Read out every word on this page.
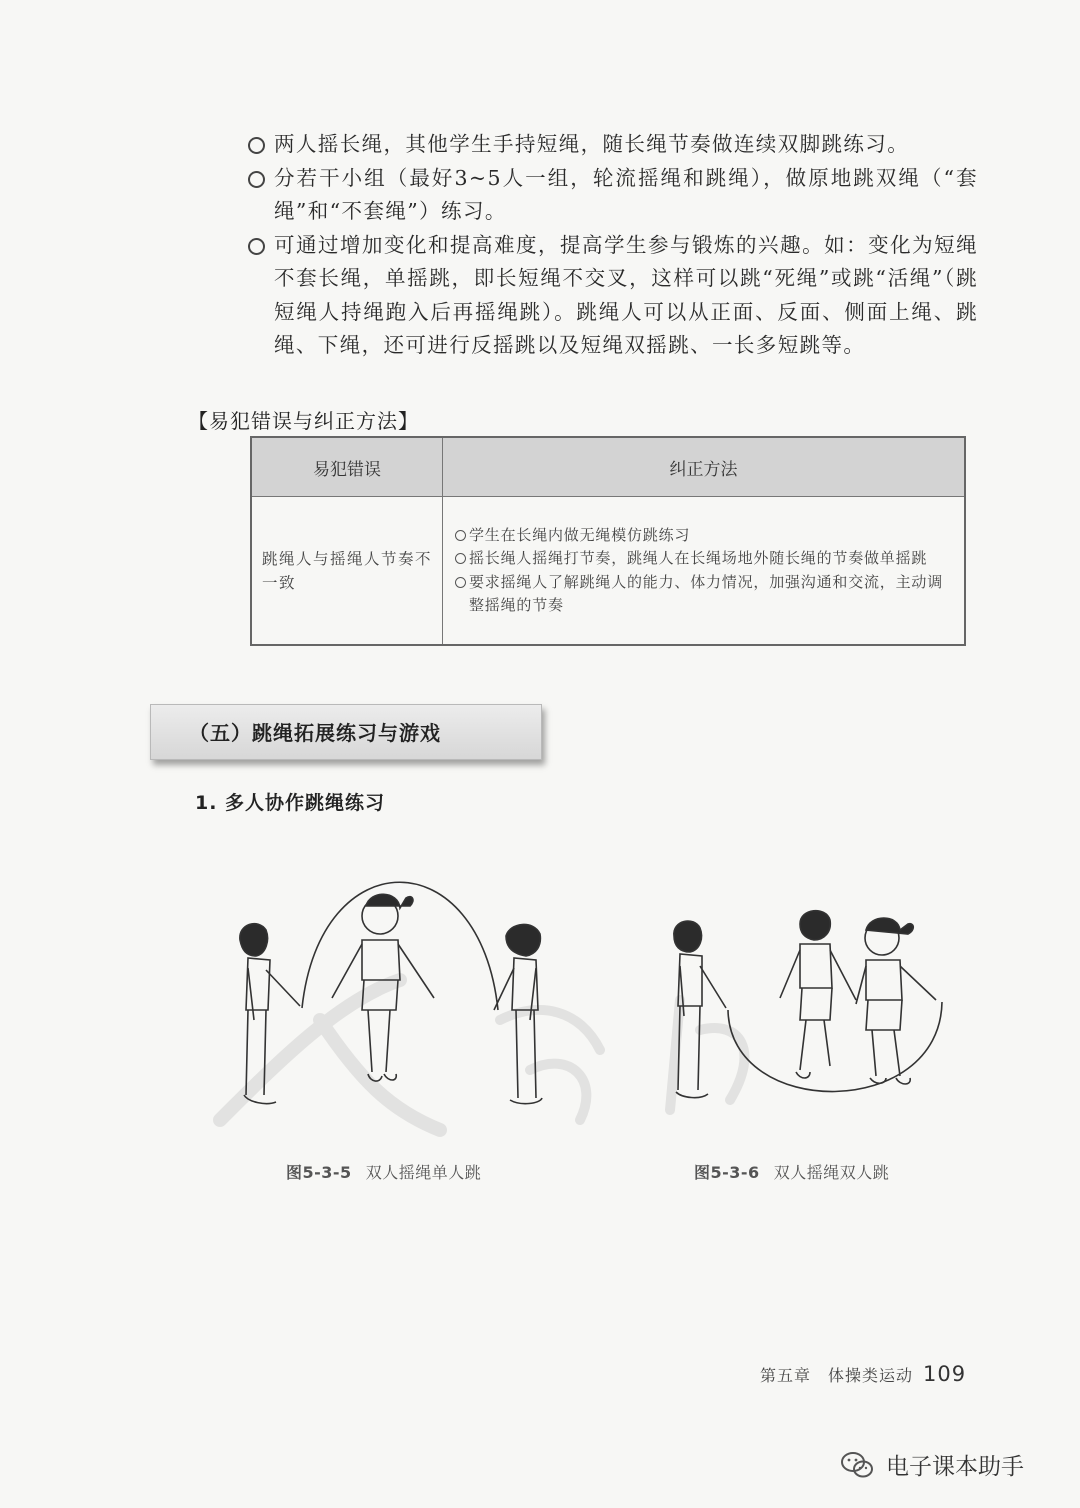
两人摇长绳，其他学生手持短绳，随长绳节奏做连续双脚跳练习。
分若干小组（最好3~5人一组，轮流摇绳和跳绳），做原地跳双绳（“套绳”和“不套绳”）练习。
可通过增加变化和提高难度，提高学生参与锻炼的兴趣。如：变化为短绳不套长绳，单摇跳，即长短绳不交叉，这样可以跳“死绳”或跳“活绳”（跳短绳人持绳跑入后再摇绳跳）。跳绳人可以从正面、反面、侧面上绳、跳绳、下绳，还可进行反摇跳以及短绳双摇跳、一长多短跳等。
【易犯错误与纠正方法】
易犯错误	纠正方法
跳绳人与摇绳人节奏不一致	学生在长绳内做无绳模仿跳练习
摇长绳人摇绳打节奏，跳绳人在长绳场地外随长绳的节奏做单摇跳
要求摇绳人了解跳绳人的能力、体力情况，加强沟通和交流，主动调整摇绳的节奏
（五）跳绳拓展练习与游戏
1. 多人协作跳绳练习
图5-3-5 双人摇绳单人跳	图5-3-6 双人摇绳双人跳
第五章　体操类运动 109
电子课本助手
